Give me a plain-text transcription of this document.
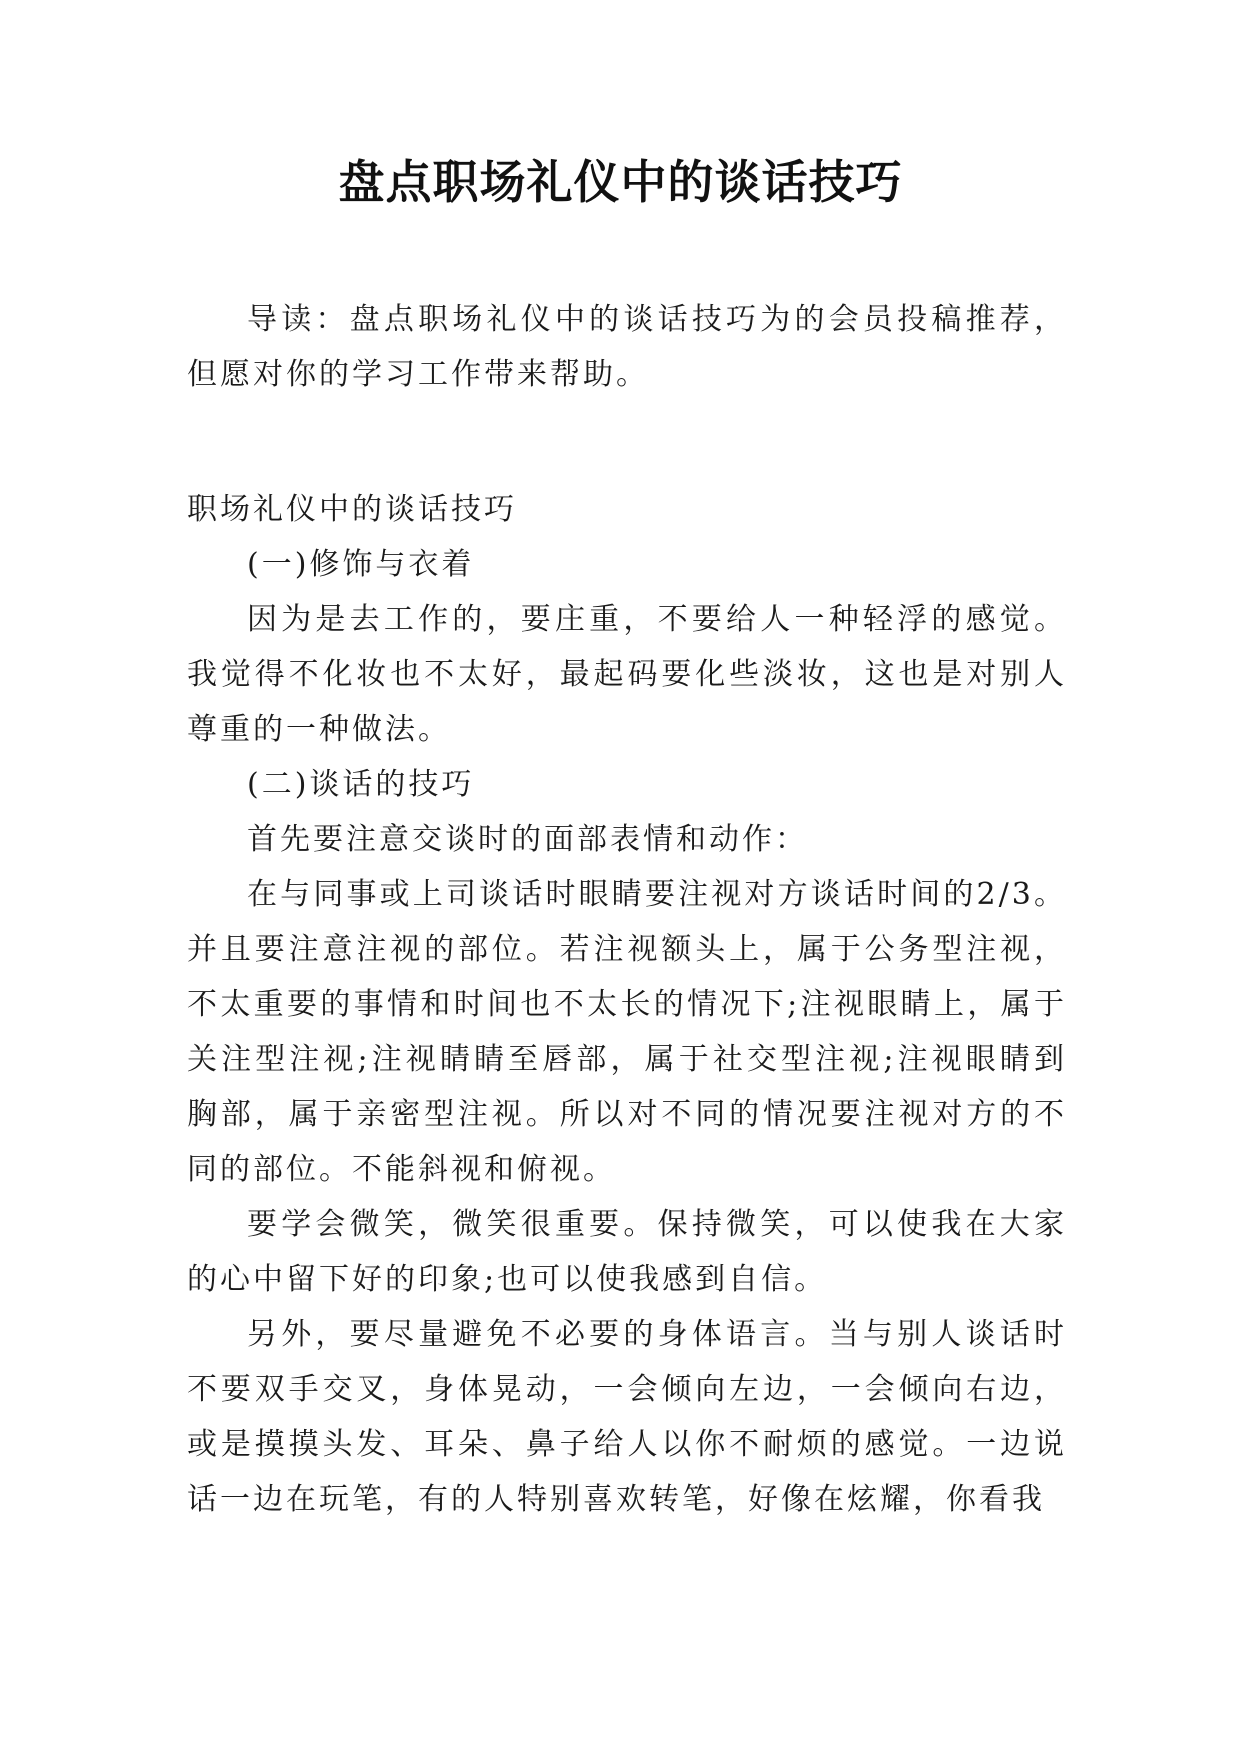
盘点职场礼仪中的谈话技巧

导读：盘点职场礼仪中的谈话技巧为的会员投稿推荐，但愿对你的学习工作带来帮助。

职场礼仪中的谈话技巧

(一)修饰与衣着

因为是去工作的，要庄重，不要给人一种轻浮的感觉。我觉得不化妆也不太好，最起码要化些淡妆，这也是对别人尊重的一种做法。

(二)谈话的技巧

首先要注意交谈时的面部表情和动作：

在与同事或上司谈话时眼睛要注视对方谈话时间的2/3。并且要注意注视的部位。若注视额头上，属于公务型注视，不太重要的事情和时间也不太长的情况下;注视眼睛上，属于关注型注视;注视睛睛至唇部，属于社交型注视;注视眼睛到胸部，属于亲密型注视。所以对不同的情况要注视对方的不同的部位。不能斜视和俯视。

要学会微笑，微笑很重要。保持微笑，可以使我在大家的心中留下好的印象;也可以使我感到自信。

另外，要尽量避免不必要的身体语言。当与别人谈话时不要双手交叉，身体晃动，一会倾向左边，一会倾向右边，或是摸摸头发、耳朵、鼻子给人以你不耐烦的感觉。一边说话一边在玩笔，有的人特别喜欢转笔，好像在炫耀，你看我
